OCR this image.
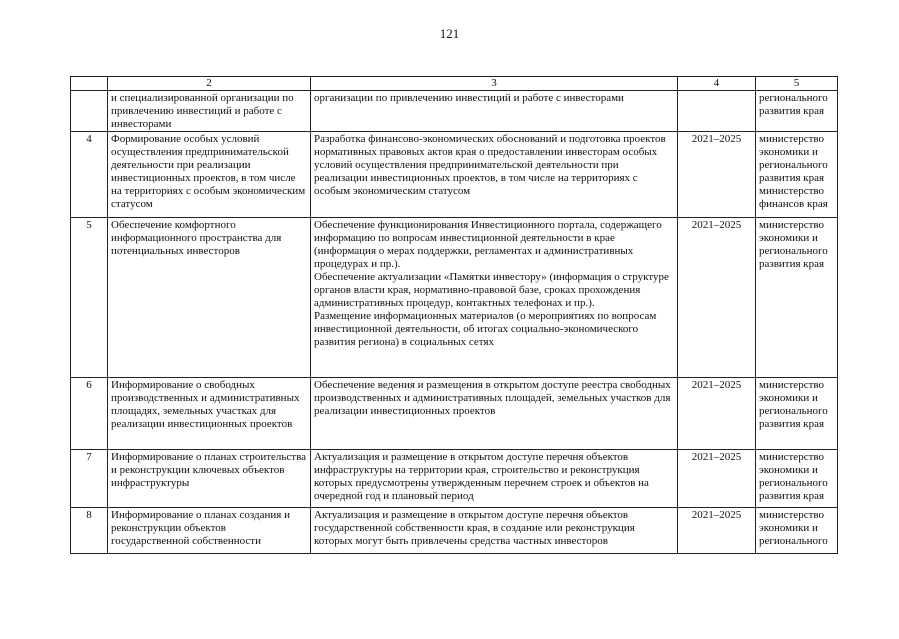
121
	2	3	4	5
	и специализированной организации по привлечению инвестиций и работе с инвесторами	организации по привлечению инвестиций и работе с инвесторами		регионального развития края
4	Формирование особых условий осуществления предпринимательской деятельности при реализации инвестиционных проектов, в том числе на территориях с особым экономическим статусом	Разработка финансово-экономических обоснований и подготовка проектов нормативных правовых актов края о предоставлении инвесторам особых условий осуществления предпринимательской деятельности при реализации инвестиционных проектов, в том числе на территориях с особым экономическим статусом	2021–2025	министерство экономики и регионального развития края министерство финансов края
5	Обеспечение комфортного информационного пространства для потенциальных инвесторов	Обеспечение функционирования Инвестиционного портала, содержащего информацию по вопросам инвестиционной деятельности в крае (информация о мерах поддержки, регламентах и административных процедурах и пр.).
Обеспечение актуализации «Памятки инвестору» (информация о структуре органов власти края, нормативно-правовой базе, сроках прохождения административных процедур, контактных телефонах и пр.).
Размещение информационных материалов (о мероприятиях по вопросам инвестиционной деятельности, об итогах социально-экономического развития региона) в социальных сетях	2021–2025	министерство экономики и регионального развития края
6	Информирование о свободных производственных и административных площадях, земельных участках для реализации инвестиционных проектов	Обеспечение ведения и размещения в открытом доступе реестра свободных производственных и административных площадей, земельных участков для реализации инвестиционных проектов	2021–2025	министерство экономики и регионального развития края
7	Информирование о планах строительства и реконструкции ключевых объектов инфраструктуры	Актуализация и размещение в открытом доступе перечня объектов инфраструктуры на территории края, строительство и реконструкция которых предусмотрены утвержденным перечнем строек и объектов на очередной год и плановый период	2021–2025	министерство экономики и регионального развития края
8	Информирование о планах создания и реконструкции объектов государственной собственности	Актуализация и размещение в открытом доступе перечня объектов государственной собственности края, в создание или реконструкция которых могут быть привлечены средства частных инвесторов	2021–2025	министерство экономики и регионального
